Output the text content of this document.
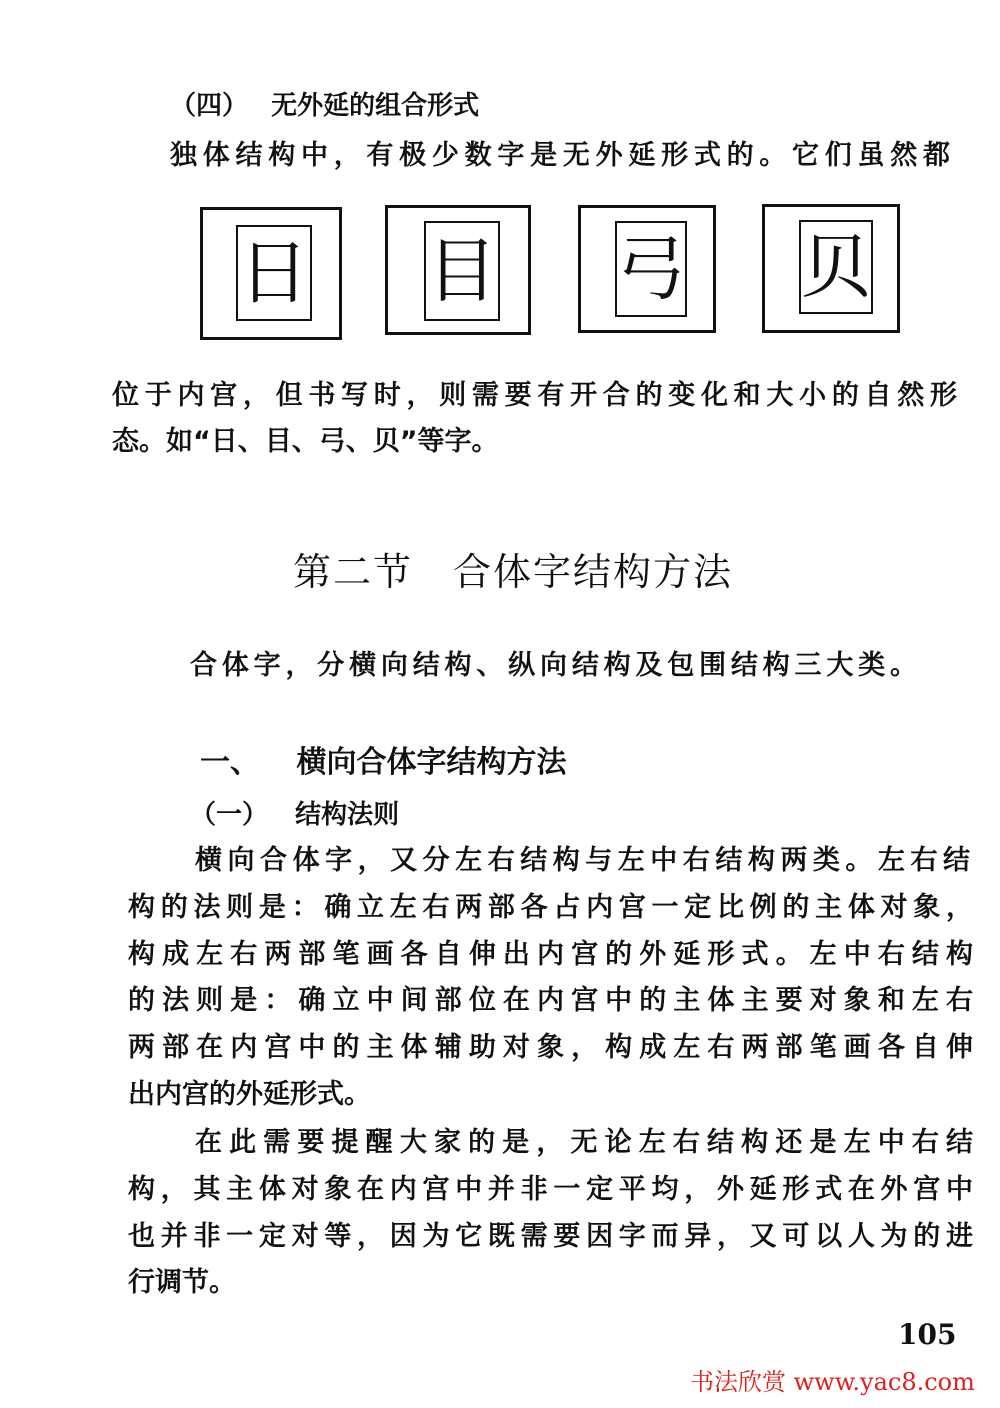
（四） 无外延的组合形式
独体结构中，有极少数字是无外延形式的。它们虽然都
日 目 弓 贝
位于内宫，但书写时，则需要有开合的变化和大小的自然形
态。如“日、目、弓、贝”等字。
第二节　合体字结构方法
合体字，分横向结构、纵向结构及包围结构三大类。
一、 横向合体字结构方法
（一） 结构法则
横向合体字，又分左右结构与左中右结构两类。左右结
构的法则是：确立左右两部各占内宫一定比例的主体对象，
构成左右两部笔画各自伸出内宫的外延形式。左中右结构
的法则是：确立中间部位在内宫中的主体主要对象和左右
两部在内宫中的主体辅助对象，构成左右两部笔画各自伸
出内宫的外延形式。
在此需要提醒大家的是，无论左右结构还是左中右结
构，其主体对象在内宫中并非一定平均，外延形式在外宫中
也并非一定对等，因为它既需要因字而异，又可以人为的进
行调节。
105
书法欣赏 www.yac8.com
